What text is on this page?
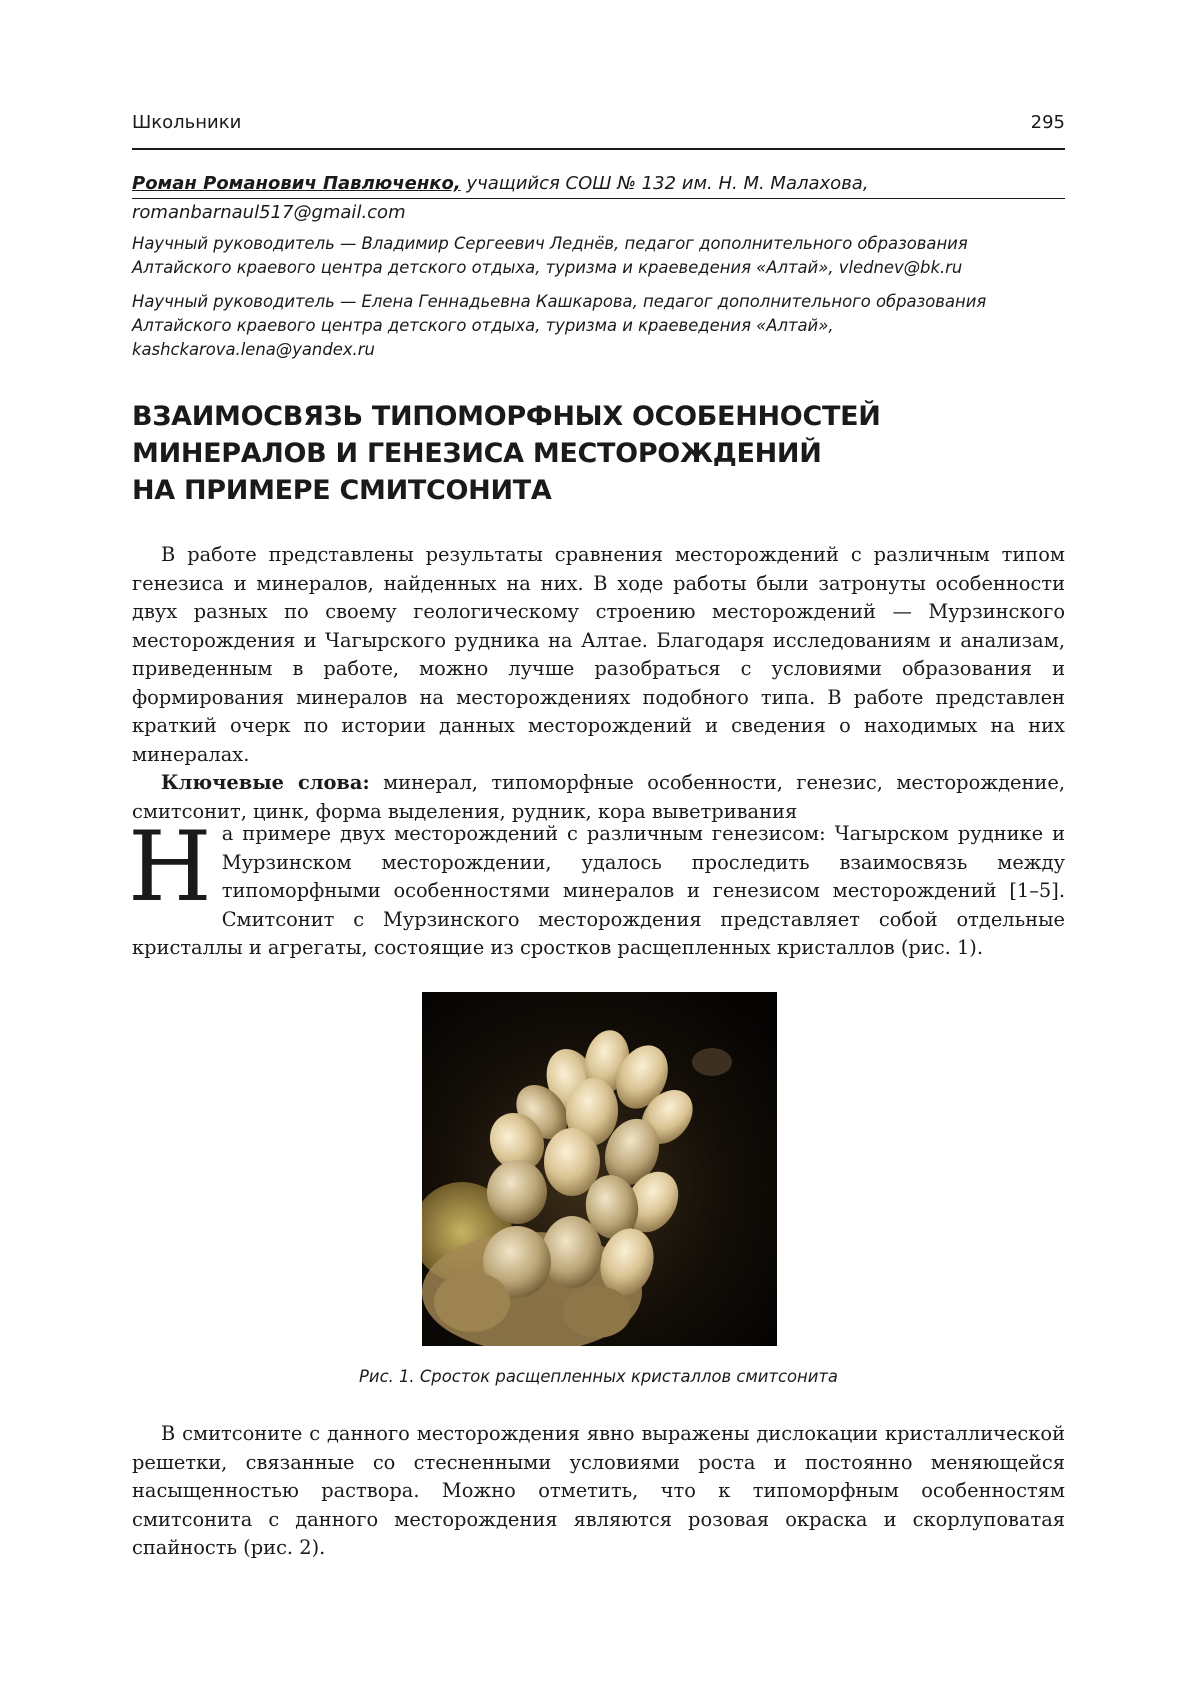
Школьники	295
Роман Романович Павлюченко, учащийся СОШ № 132 им. Н. М. Малахова,
romanbarnaul517@gmail.com
Научный руководитель — Владимир Сергеевич Леднёв, педагог дополнительного образования
Алтайского краевого центра детского отдыха, туризма и краеведения «Алтай», vlednev@bk.ru
Научный руководитель — Елена Геннадьевна Кашкарова, педагог дополнительного образования
Алтайского краевого центра детского отдыха, туризма и краеведения «Алтай»,
kashckarova.lena@yandex.ru
ВЗАИМОСВЯЗЬ ТИПОМОРФНЫХ ОСОБЕННОСТЕЙ
МИНЕРАЛОВ И ГЕНЕЗИСА МЕСТОРОЖДЕНИЙ
НА ПРИМЕРЕ СМИТСОНИТА

В работе представлены результаты сравнения месторождений с различным типом генезиса и минералов, найденных на них. В ходе работы были затронуты особенности двух разных по своему геологическому строению месторождений — Мурзинского месторождения и Чагырского рудника на Алтае. Благодаря исследованиям и анализам, приведенным в работе, можно лучше разобраться с условиями образования и формирования минералов на месторождениях подобного типа. В работе представлен краткий очерк по истории данных месторождений и сведения о находимых на них минералах.

Ключевые слова: минерал, типоморфные особенности, генезис, месторождение, смитсонит, цинк, форма выделения, рудник, кора выветривания

Н а примере двух месторождений с различным генезисом: Чагырском руднике и Мурзинском месторождении, удалось проследить взаимосвязь между типоморфными особенностями минералов и генезисом месторождений [1–5]. Смитсонит с Мурзинского месторождения представляет собой отдельные кристаллы и агрегаты, состоящие из сростков расщепленных кристаллов (рис. 1).

Рис. 1. Сросток расщепленных кристаллов смитсонита

В смитсоните с данного месторождения явно выражены дислокации кристаллической решетки, связанные со стесненными условиями роста и постоянно меняющейся насыщенностью раствора. Можно отметить, что к типоморфным особенностям смитсонита с данного месторождения являются розовая окраска и скорлуповатая спайность (рис. 2).
